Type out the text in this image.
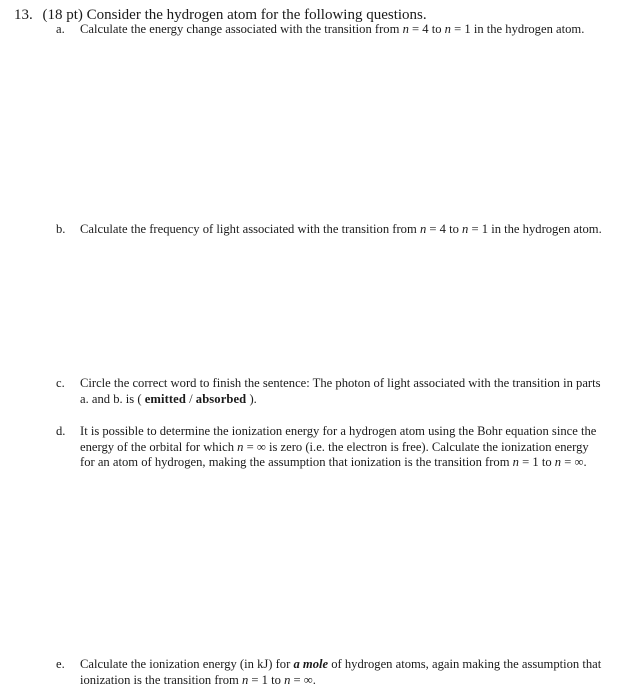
13. (18 pt) Consider the hydrogen atom for the following questions.
a. Calculate the energy change associated with the transition from n = 4 to n = 1 in the hydrogen atom.
b. Calculate the frequency of light associated with the transition from n = 4 to n = 1 in the hydrogen atom.
c. Circle the correct word to finish the sentence: The photon of light associated with the transition in parts a. and b. is ( emitted / absorbed ).
d. It is possible to determine the ionization energy for a hydrogen atom using the Bohr equation since the energy of the orbital for which n = ∞ is zero (i.e. the electron is free). Calculate the ionization energy for an atom of hydrogen, making the assumption that ionization is the transition from n = 1 to n = ∞.
e. Calculate the ionization energy (in kJ) for a mole of hydrogen atoms, again making the assumption that ionization is the transition from n = 1 to n = ∞.
